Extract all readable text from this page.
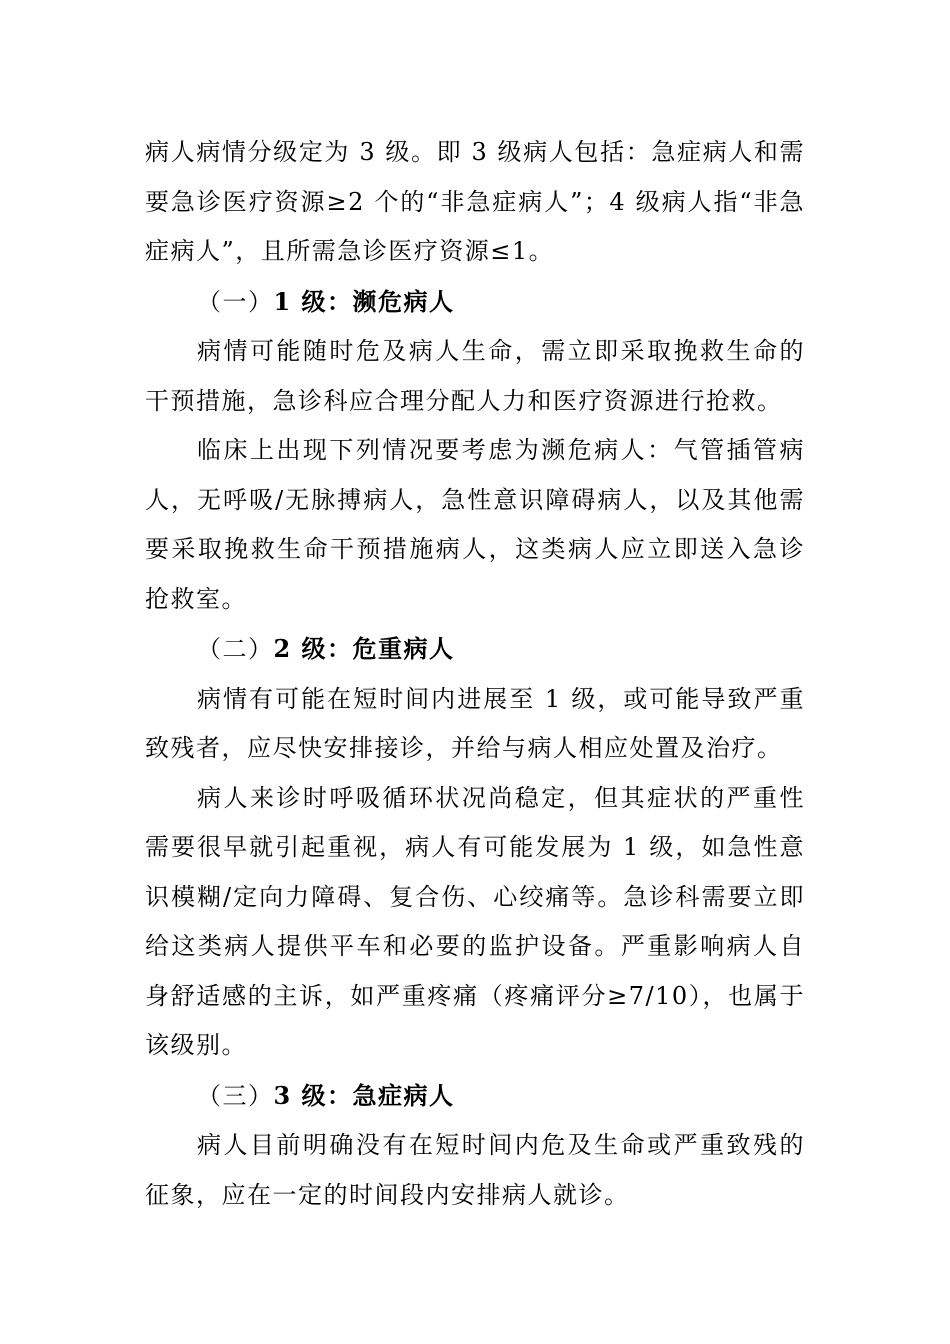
病人病情分级定为 3 级。即 3 级病人包括：急症病人和需要急诊医疗资源≥2 个的“非急症病人”；4 级病人指“非急症病人”，且所需急诊医疗资源≤1。

（一）1 级：濒危病人

病情可能随时危及病人生命，需立即采取挽救生命的干预措施，急诊科应合理分配人力和医疗资源进行抢救。

临床上出现下列情况要考虑为濒危病人：气管插管病人，无呼吸/无脉搏病人，急性意识障碍病人，以及其他需要采取挽救生命干预措施病人，这类病人应立即送入急诊抢救室。

（二）2 级：危重病人

病情有可能在短时间内进展至 1 级，或可能导致严重致残者，应尽快安排接诊，并给与病人相应处置及治疗。

病人来诊时呼吸循环状况尚稳定，但其症状的严重性需要很早就引起重视，病人有可能发展为 1 级，如急性意识模糊/定向力障碍、复合伤、心绞痛等。急诊科需要立即给这类病人提供平车和必要的监护设备。严重影响病人自身舒适感的主诉，如严重疼痛（疼痛评分≥7/10），也属于该级别。

（三）3 级：急症病人

病人目前明确没有在短时间内危及生命或严重致残的征象，应在一定的时间段内安排病人就诊。
